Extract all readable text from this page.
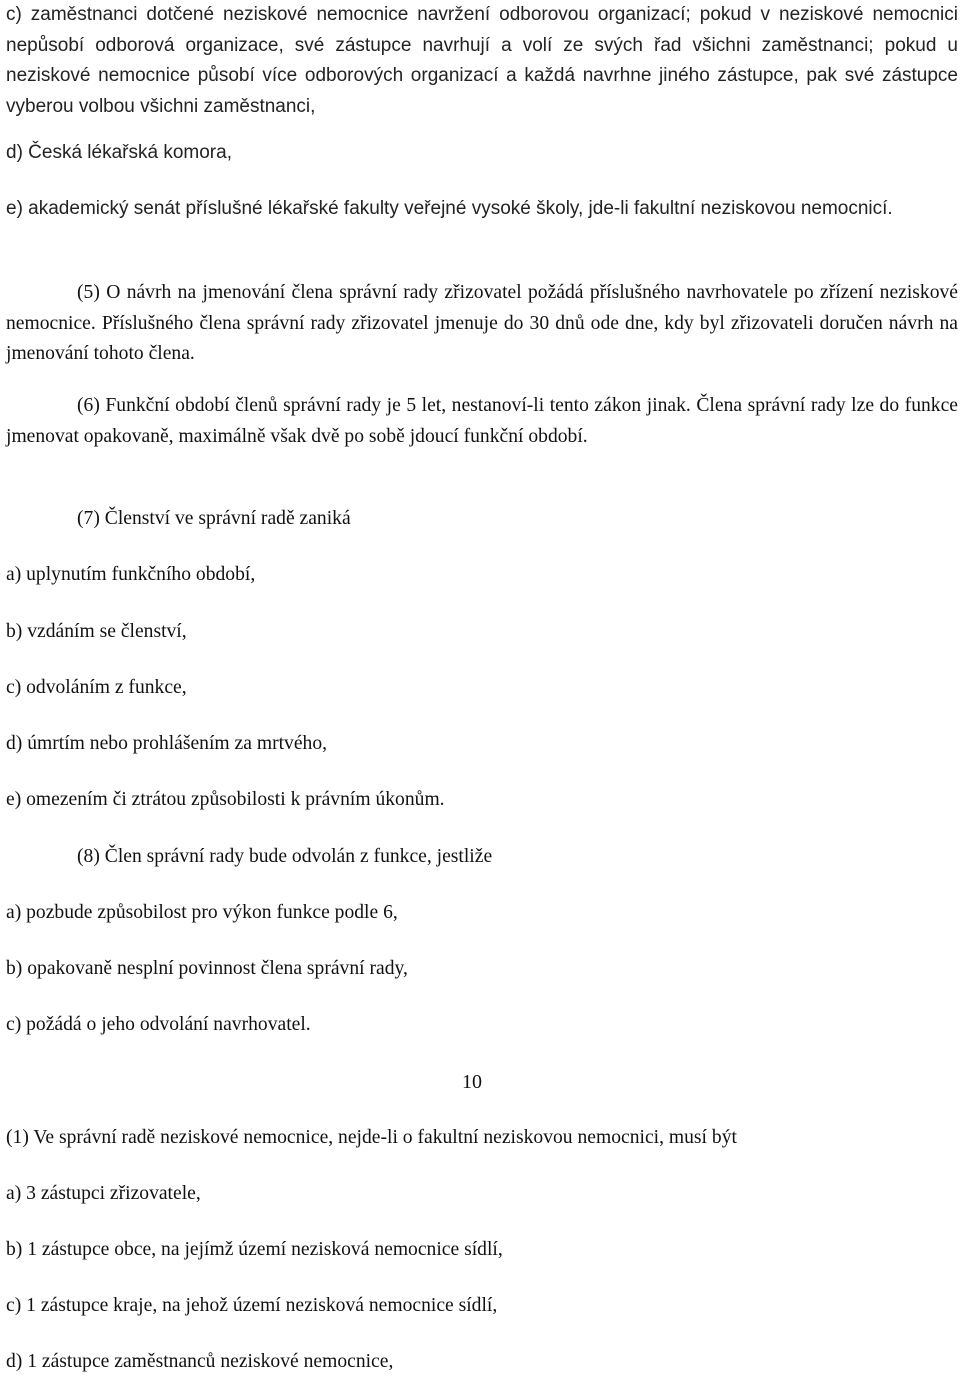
c) zaměstnanci dotčené neziskové nemocnice navržení odborovou organizací; pokud v neziskové nemocnici nepůsobí odborová organizace, své zástupce navrhují a volí ze svých řad všichni zaměstnanci; pokud u neziskové nemocnice působí více odborových organizací a každá navrhne jiného zástupce, pak své zástupce vyberou volbou všichni zaměstnanci,

d) Česká lékařská komora,

e) akademický senát příslušné lékařské fakulty veřejné vysoké školy, jde-li fakultní neziskovou nemocnicí.

(5) O návrh na jmenování člena správní rady zřizovatel požádá příslušného navrhovatele po zřízení neziskové nemocnice. Příslušného člena správní rady zřizovatel jmenuje do 30 dnů ode dne, kdy byl zřizovateli doručen návrh na jmenování tohoto člena.

(6) Funkční období členů správní rady je 5 let, nestanoví-li tento zákon jinak. Člena správní rady lze do funkce jmenovat opakovaně, maximálně však dvě po sobě jdoucí funkční období.

(7) Členství ve správní radě zaniká

a) uplynutím funkčního období,

b) vzdáním se členství,

c) odvoláním z funkce,

d) úmrtím nebo prohlášením za mrtvého,

e) omezením či ztrátou způsobilosti k právním úkonům.

(8) Člen správní rady bude odvolán z funkce, jestliže

a) pozbude způsobilost pro výkon funkce podle 6,

b) opakovaně nesplní povinnost člena správní rady,

c) požádá o jeho odvolání navrhovatel.

10

(1) Ve správní radě neziskové nemocnice, nejde-li o fakultní neziskovou nemocnici, musí být

a) 3 zástupci zřizovatele,

b) 1 zástupce obce, na jejímž území nezisková nemocnice sídlí,

c) 1 zástupce kraje, na jehož území nezisková nemocnice sídlí,

d) 1 zástupce zaměstnanců neziskové nemocnice,
